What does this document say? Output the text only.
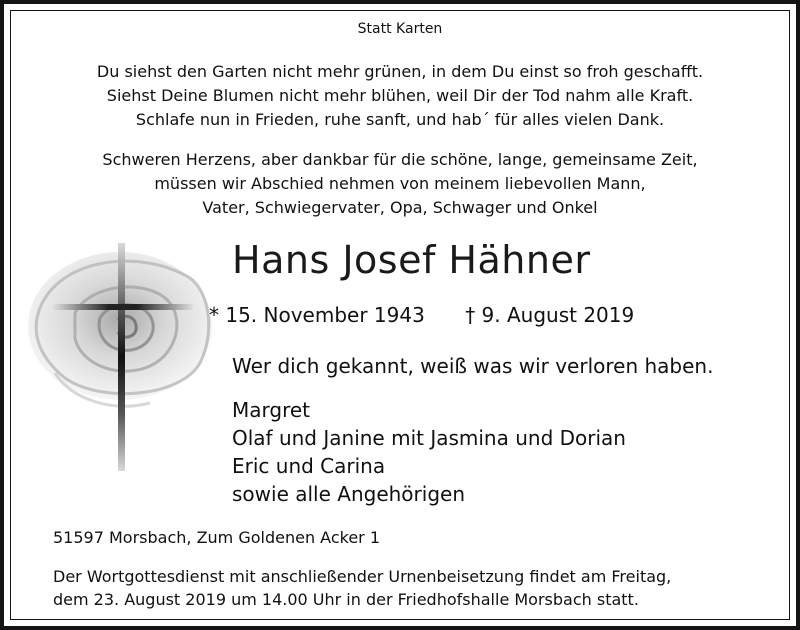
Statt Karten
Du siehst den Garten nicht mehr grünen, in dem Du einst so froh geschafft.
Siehst Deine Blumen nicht mehr blühen, weil Dir der Tod nahm alle Kraft.
Schlafe nun in Frieden, ruhe sanft, und hab´ für alles vielen Dank.
Schweren Herzens, aber dankbar für die schöne, lange, gemeinsame Zeit,
müssen wir Abschied nehmen von meinem liebevollen Mann,
Vater, Schwiegervater, Opa, Schwager und Onkel
Hans Josef Hähner
* 15. November 1943 † 9. August 2019
Wer dich gekannt, weiß was wir verloren haben.
Margret
Olaf und Janine mit Jasmina und Dorian
Eric und Carina
sowie alle Angehörigen
51597 Morsbach, Zum Goldenen Acker 1
Der Wortgottesdienst mit anschließender Urnenbeisetzung findet am Freitag,
dem 23. August 2019 um 14.00 Uhr in der Friedhofshalle Morsbach statt.
